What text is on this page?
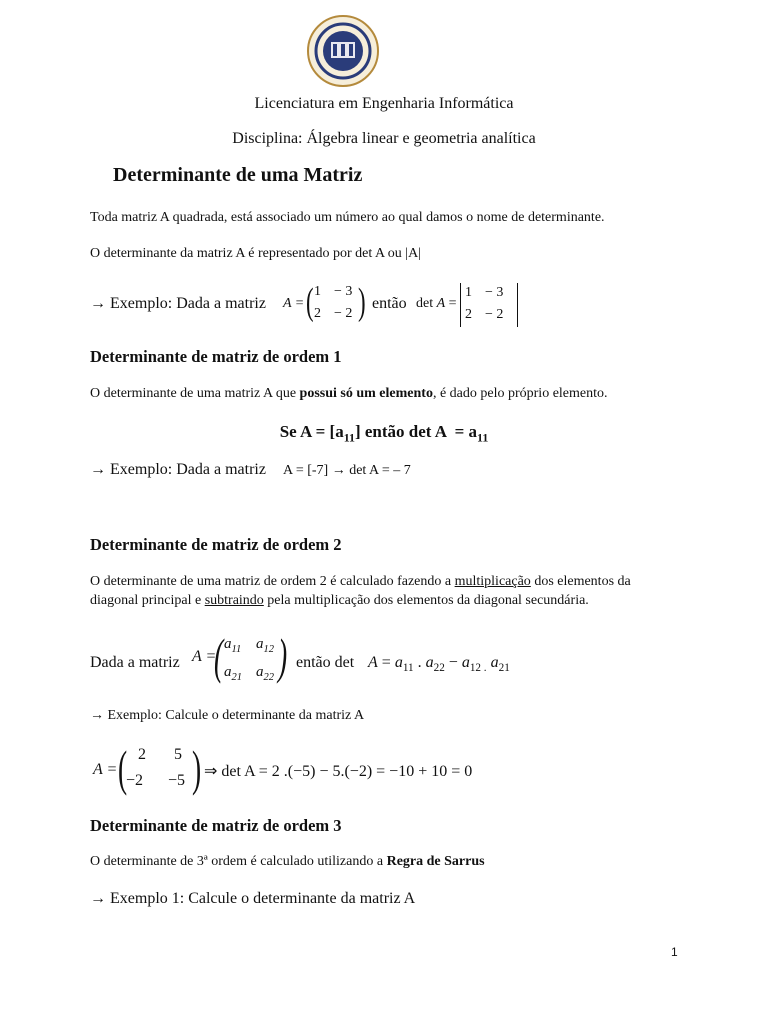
Licenciatura em Engenharia Informática
Disciplina: Álgebra linear e geometria analítica
Determinante de uma Matriz
Toda matriz A quadrada, está associado um número ao qual damos o nome de determinante.
O determinante da matriz A é representado por det A ou |A|
→ Exemplo: Dada a matriz A = ( 1 − 3
2 − 2 ) então det A =
1 − 3
2 − 2
Determinante de matriz de ordem 1
O determinante de uma matriz A que possui só um elemento, é dado pelo próprio elemento.
Se $A = [a_{11}]$ então $\det A = a_{11}$
→ Exemplo: Dada a matriz A = [-7] → det A = – 7
Determinante de matriz de ordem 2
O determinante de uma matriz de ordem 2 é calculado fazendo a multiplicação dos elementos da
diagonal principal e subtraindo pela multiplicação dos elementos da diagonal secundária.
Dada a matriz A =
( $a_{11}$ $a_{12}$
$a_{21}$ $a_{22}$ ) então $\det A = a_{11}$ . $a_{22} - a_{12 .}$ $a_{21}$
→ Exemplo: Calcule o determinante da matriz A
A = ( 2 5
−2 −5 ) ⇒ det A = 2 .(−5) − 5.(−2) = −10 + 10 = 0
Determinante de matriz de ordem 3
O determinante de 3ª ordem é calculado utilizando a Regra de Sarrus
→ Exemplo 1: Calcule o determinante da matriz A
1
